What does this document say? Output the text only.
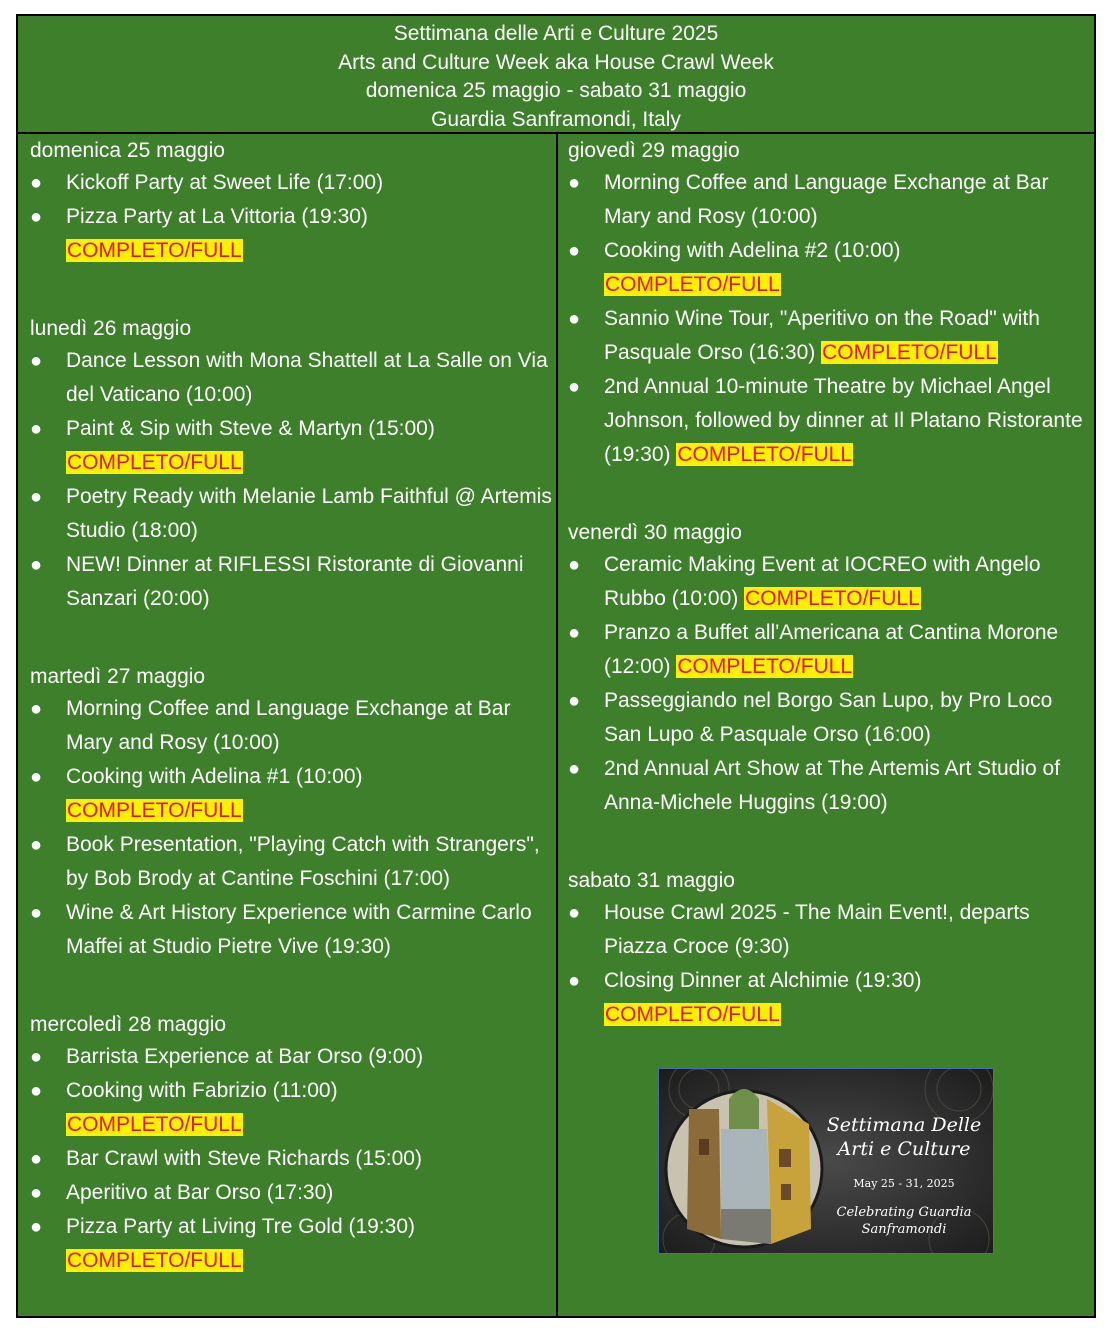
Settimana delle Arti e Culture 2025
Arts and Culture Week aka House Crawl Week
domenica 25 maggio - sabato 31 maggio
Guardia Sanframondi, Italy
domenica 25 maggio
● Kickoff Party at Sweet Life (17:00)
● Pizza Party at La Vittoria (19:30)
COMPLETO/FULL
lunedì 26 maggio
● Dance Lesson with Mona Shattell at La Salle on Via del Vaticano (10:00)
● Paint & Sip with Steve & Martyn (15:00)
COMPLETO/FULL
● Poetry Ready with Melanie Lamb Faithful @ Artemis Studio (18:00)
● NEW! Dinner at RIFLESSI Ristorante di Giovanni Sanzari (20:00)
martedì 27 maggio
● Morning Coffee and Language Exchange at Bar Mary and Rosy (10:00)
● Cooking with Adelina #1 (10:00)
COMPLETO/FULL
● Book Presentation, "Playing Catch with Strangers", by Bob Brody at Cantine Foschini (17:00)
● Wine & Art History Experience with Carmine Carlo Maffei at Studio Pietre Vive (19:30)
mercoledì 28 maggio
● Barrista Experience at Bar Orso (9:00)
● Cooking with Fabrizio (11:00)
COMPLETO/FULL
● Bar Crawl with Steve Richards (15:00)
● Aperitivo at Bar Orso (17:30)
● Pizza Party at Living Tre Gold (19:30)
COMPLETO/FULL
giovedì 29 maggio
● Morning Coffee and Language Exchange at Bar Mary and Rosy (10:00)
● Cooking with Adelina #2 (10:00)
COMPLETO/FULL
● Sannio Wine Tour, "Aperitivo on the Road" with Pasquale Orso (16:30) COMPLETO/FULL
● 2nd Annual 10-minute Theatre by Michael Angel Johnson, followed by dinner at Il Platano Ristorante (19:30) COMPLETO/FULL
venerdì 30 maggio
● Ceramic Making Event at IOCREO with Angelo Rubbo (10:00) COMPLETO/FULL
● Pranzo a Buffet all'Americana at Cantina Morone (12:00) COMPLETO/FULL
● Passeggiando nel Borgo San Lupo, by Pro Loco San Lupo & Pasquale Orso (16:00)
● 2nd Annual Art Show at The Artemis Art Studio of Anna-Michele Huggins (19:00)
sabato 31 maggio
● House Crawl 2025 - The Main Event!, departs Piazza Croce (9:30)
● Closing Dinner at Alchimie (19:30)
COMPLETO/FULL
Settimana Delle
Arti e Culture
May 25 - 31, 2025
Celebrating Guardia
Sanframondi
